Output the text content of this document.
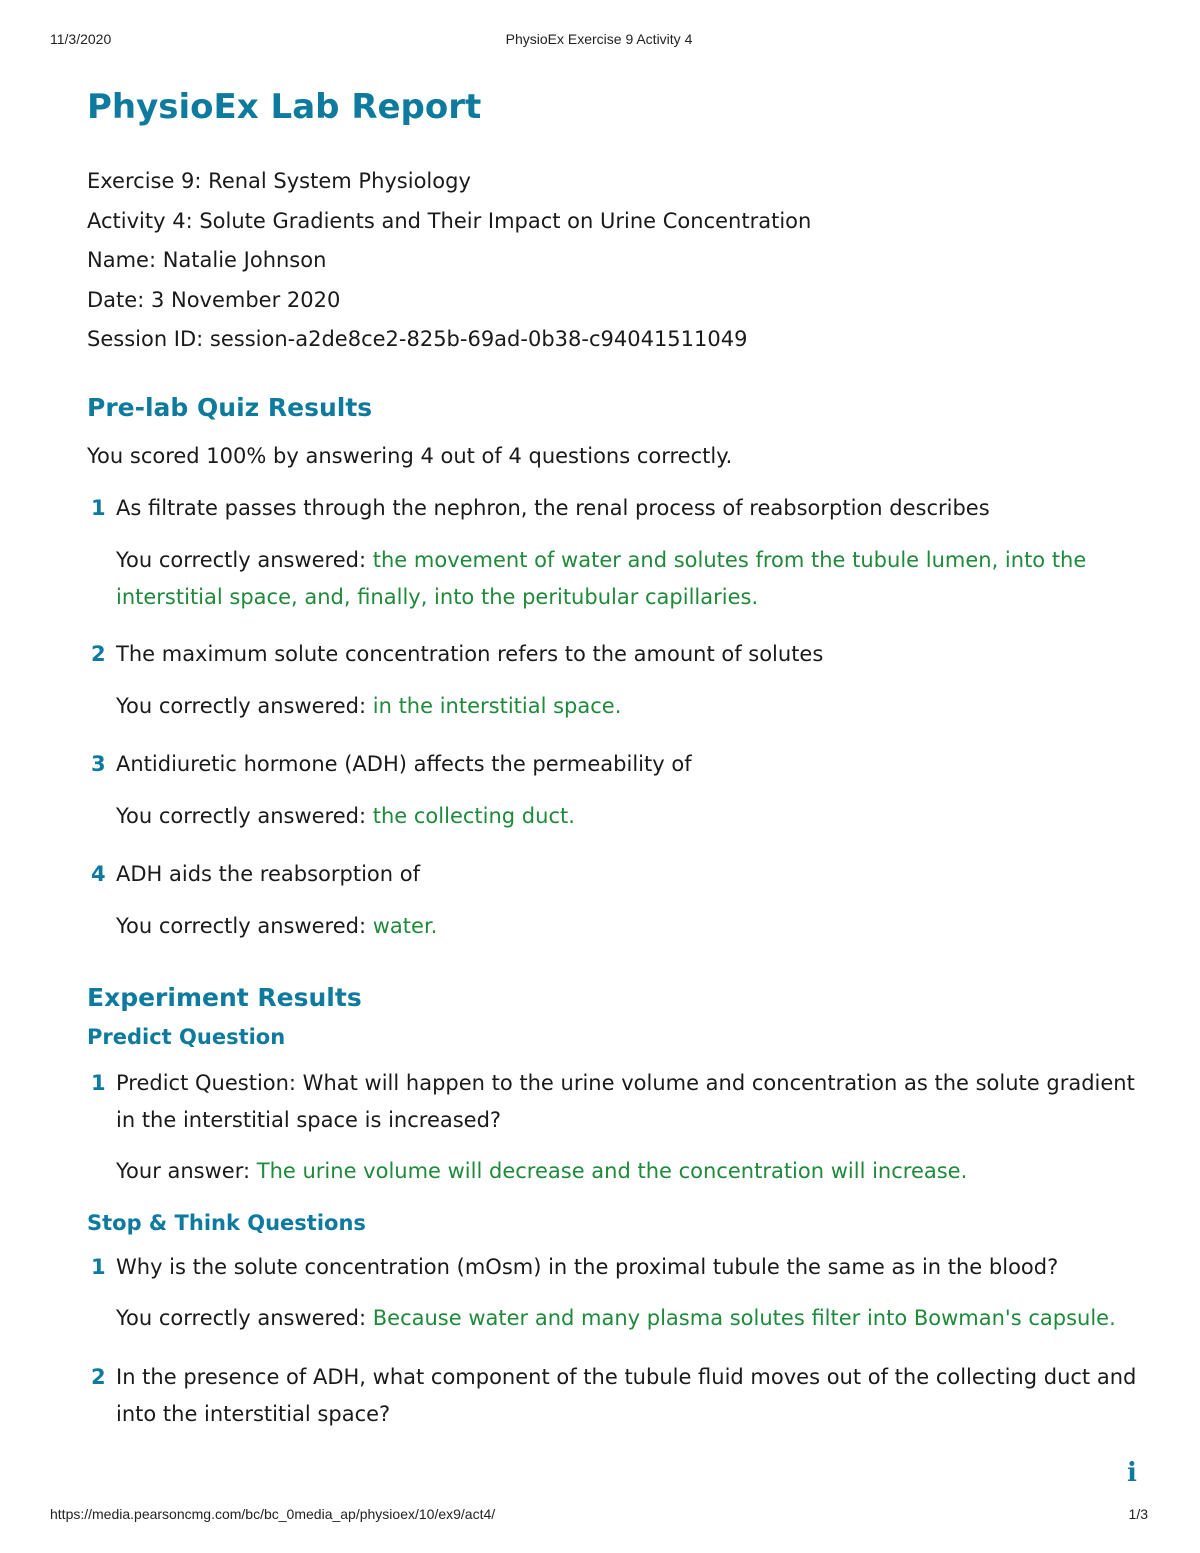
11/3/2020	PhysioEx Exercise 9 Activity 4
PhysioEx Lab Report

Exercise 9: Renal System Physiology

Activity 4: Solute Gradients and Their Impact on Urine Concentration

Name: Natalie Johnson

Date: 3 November 2020

Session ID: session-a2de8ce2-825b-69ad-0b38-c94041511049

Pre-lab Quiz Results

You scored 100% by answering 4 out of 4 questions correctly.

1 As filtrate passes through the nephron, the renal process of reabsorption describes
You correctly answered: the movement of water and solutes from the tubule lumen, into the interstitial space, and, finally, into the peritubular capillaries.
2 The maximum solute concentration refers to the amount of solutes
You correctly answered: in the interstitial space.
3 Antidiuretic hormone (ADH) affects the permeability of
You correctly answered: the collecting duct.
4 ADH aids the reabsorption of
You correctly answered: water.
Experiment Results
Predict Question
1 Predict Question: What will happen to the urine volume and concentration as the solute gradient in the interstitial space is increased?
Your answer: The urine volume will decrease and the concentration will increase.
Stop & Think Questions
1 Why is the solute concentration (mOsm) in the proximal tubule the same as in the blood?
You correctly answered: Because water and many plasma solutes filter into Bowman's capsule.
2 In the presence of ADH, what component of the tubule fluid moves out of the collecting duct and into the interstitial space?
i
https://media.pearsoncmg.com/bc/bc_0media_ap/physioex/10/ex9/act4/	1/3
